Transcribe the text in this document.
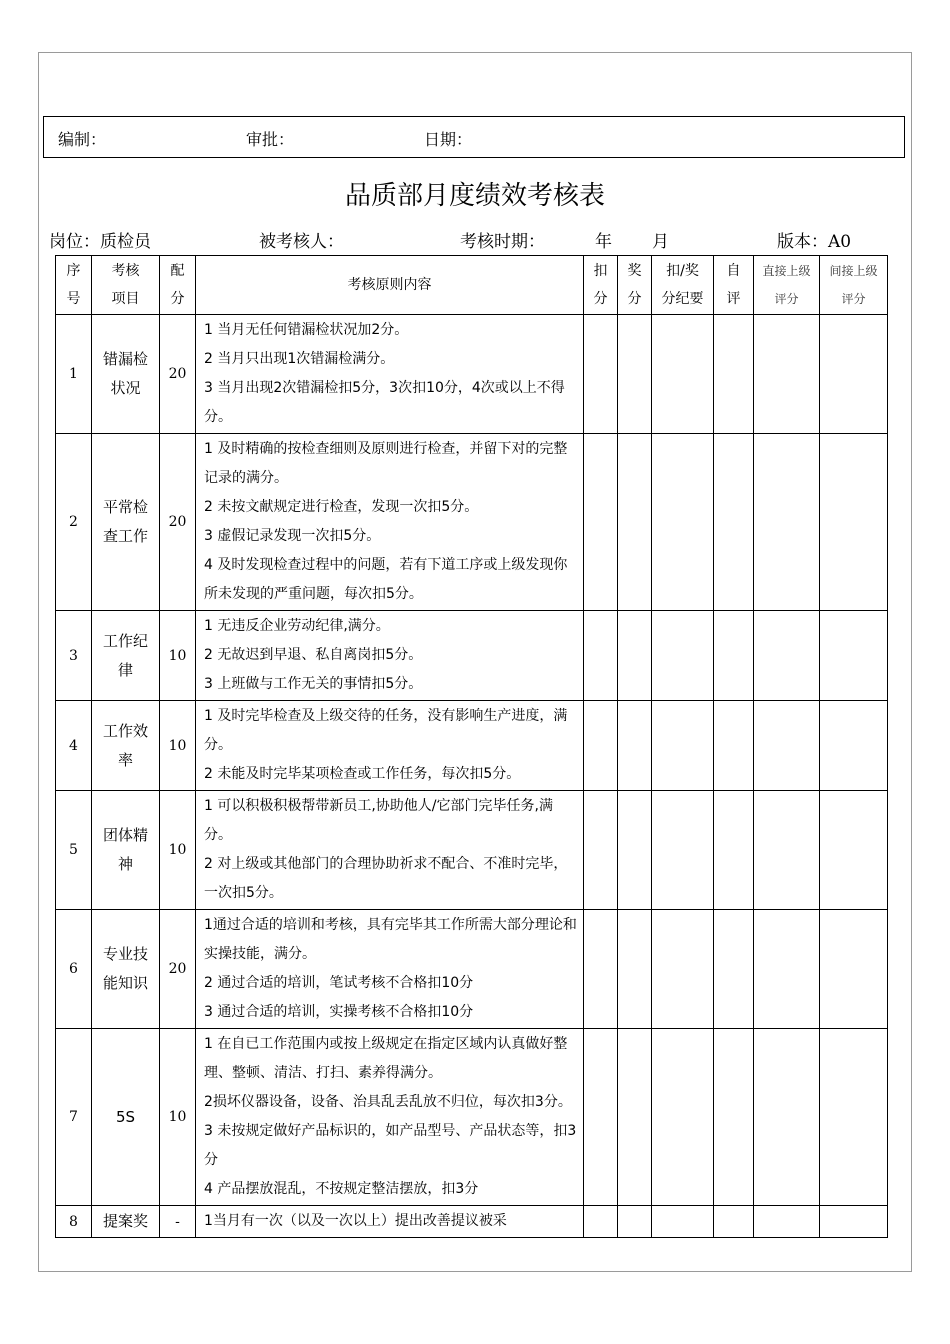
编制：	审批：	日期：
品质部月度绩效考核表
岗位：质检员	被考核人：	考核时期：	年 月	版本：A0
序号	考核项目	配分	考核原则内容	扣分	奖分	扣/奖分纪要	自评	直接上级评分	间接上级评分

1	错漏检状况	20	1 当月无任何错漏检状况加2分。
2 当月只出现1次错漏检满分。
3 当月出现2次错漏检扣5分，3次扣10分，4次或以上不得分。						

2	平常检查工作	20	1 及时精确的按检查细则及原则进行检查，并留下对的完整记录的满分。
2 未按文献规定进行检查，发现一次扣5分。
3 虚假记录发现一次扣5分。
4 及时发现检查过程中的问题，若有下道工序或上级发现你所未发现的严重问题，每次扣5分。						

3	工作纪律	10	1 无违反企业劳动纪律,满分。
2 无故迟到早退、私自离岗扣5分。
3 上班做与工作无关的事情扣5分。						

4	工作效率	10	1 及时完毕检查及上级交待的任务，没有影响生产进度，满分。
2 未能及时完毕某项检查或工作任务，每次扣5分。						

5	团体精神	10	1 可以积极积极帮带新员工,协助他人/它部门完毕任务,满分。
2 对上级或其他部门的合理协助祈求不配合、不准时完毕，一次扣5分。						

6	专业技能知识	20	1通过合适的培训和考核，具有完毕其工作所需大部分理论和实操技能，满分。
2 通过合适的培训，笔试考核不合格扣10分
3 通过合适的培训，实操考核不合格扣10分						

7	5S	10	1 在自已工作范围内或按上级规定在指定区域内认真做好整理、整顿、清洁、打扫、素养得满分。
2损坏仪器设备，设备、治具乱丢乱放不归位，每次扣3分。
3 未按规定做好产品标识的，如产品型号、产品状态等，扣3分
4 产品摆放混乱，不按规定整洁摆放，扣3分						

8	提案奖	-	1当月有一次（以及一次以上）提出改善提议被采						
